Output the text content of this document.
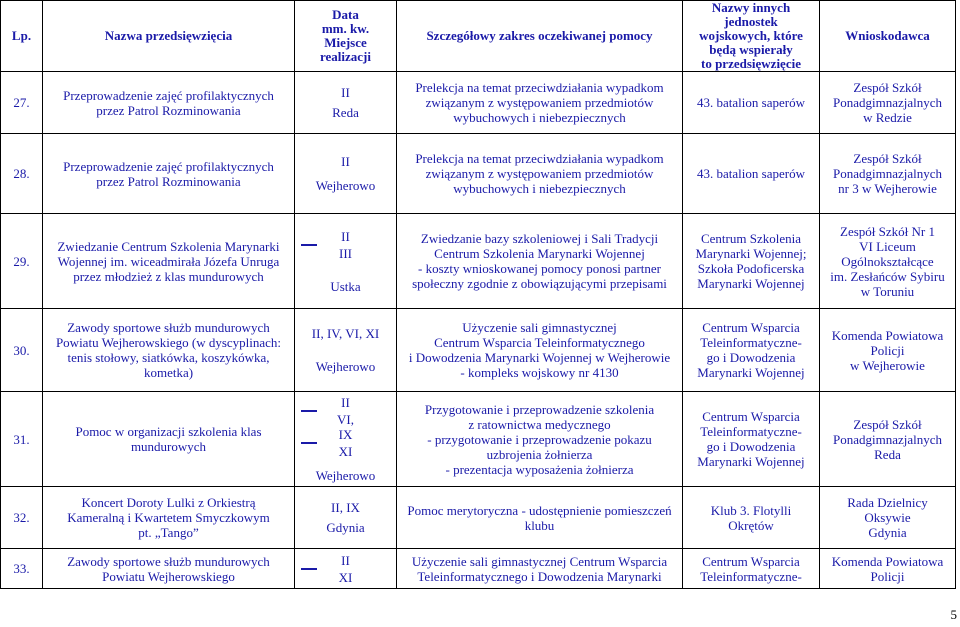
Lp.	Nazwa przedsięwzięcia	Data
mm. kw.
Miejsce
realizacji	Szczegółowy zakres oczekiwanej pomocy	Nazwy innych
jednostek
wojskowych, które
będą wspierały
to przedsięwzięcie	Wnioskodawca
27.	Przeprowadzenie zajęć profilaktycznych
przez Patrol Rozminowania	II
Reda	Prelekcja na temat przeciwdziałania wypadkom
związanym z występowaniem przedmiotów
wybuchowych i niebezpiecznych	43. batalion saperów	Zespół Szkół
Ponadgimnazjalnych
w Redzie

28.	Przeprowadzenie zajęć profilaktycznych
przez Patrol Rozminowania	II
Wejherowo	Prelekcja na temat przeciwdziałania wypadkom
związanym z występowaniem przedmiotów
wybuchowych i niebezpiecznych	43. batalion saperów	Zespół Szkół
Ponadgimnazjalnych
nr 3 w Wejherowie

29.	Zwiedzanie Centrum Szkolenia Marynarki
Wojennej im. wiceadmirała Józefa Unruga
przez młodzież z klas mundurowych	II
III
Ustka	Zwiedzanie bazy szkoleniowej i Sali Tradycji
Centrum Szkolenia Marynarki Wojennej
- koszty wnioskowanej pomocy ponosi partner
społeczny zgodnie z obowiązującymi przepisami	Centrum Szkolenia
Marynarki Wojennej;
Szkoła Podoficerska
Marynarki Wojennej	Zespół Szkół Nr 1
VI Liceum
Ogólnokształcące
im. Zesłańców Sybiru
w Toruniu

30.	Zawody sportowe służb mundurowych
Powiatu Wejherowskiego (w dyscyplinach:
tenis stołowy, siatkówka, koszykówka,
kometka)	II, IV, VI, XI
Wejherowo	Użyczenie sali gimnastycznej
Centrum Wsparcia Teleinformatycznego
i Dowodzenia Marynarki Wojennej w Wejherowie
- kompleks wojskowy nr 4130	Centrum Wsparcia
Teleinformatyczne-
go i Dowodzenia
Marynarki Wojennej	Komenda Powiatowa
Policji
w Wejherowie

31.	Pomoc w organizacji szkolenia klas
mundurowych	II
VI,
IX
XI
Wejherowo	Przygotowanie i przeprowadzenie szkolenia
z ratownictwa medycznego
- przygotowanie i przeprowadzenie pokazu
uzbrojenia żołnierza
- prezentacja wyposażenia żołnierza	Centrum Wsparcia
Teleinformatyczne-
go i Dowodzenia
Marynarki Wojennej	Zespół Szkół
Ponadgimnazjalnych
Reda

32.	Koncert Doroty Lulki z Orkiestrą
Kameralną i Kwartetem Smyczkowym
pt. „Tango”	II, IX
Gdynia	Pomoc merytoryczna - udostępnienie pomieszczeń
klubu	Klub 3. Flotylli
Okrętów	Rada Dzielnicy
Oksywie
Gdynia

33.	Zawody sportowe służb mundurowych
Powiatu Wejherowskiego	II
XI	Użyczenie sali gimnastycznej Centrum Wsparcia
Teleinformatycznego i Dowodzenia Marynarki	Centrum Wsparcia
Teleinformatyczne-	Komenda Powiatowa
Policji
5
